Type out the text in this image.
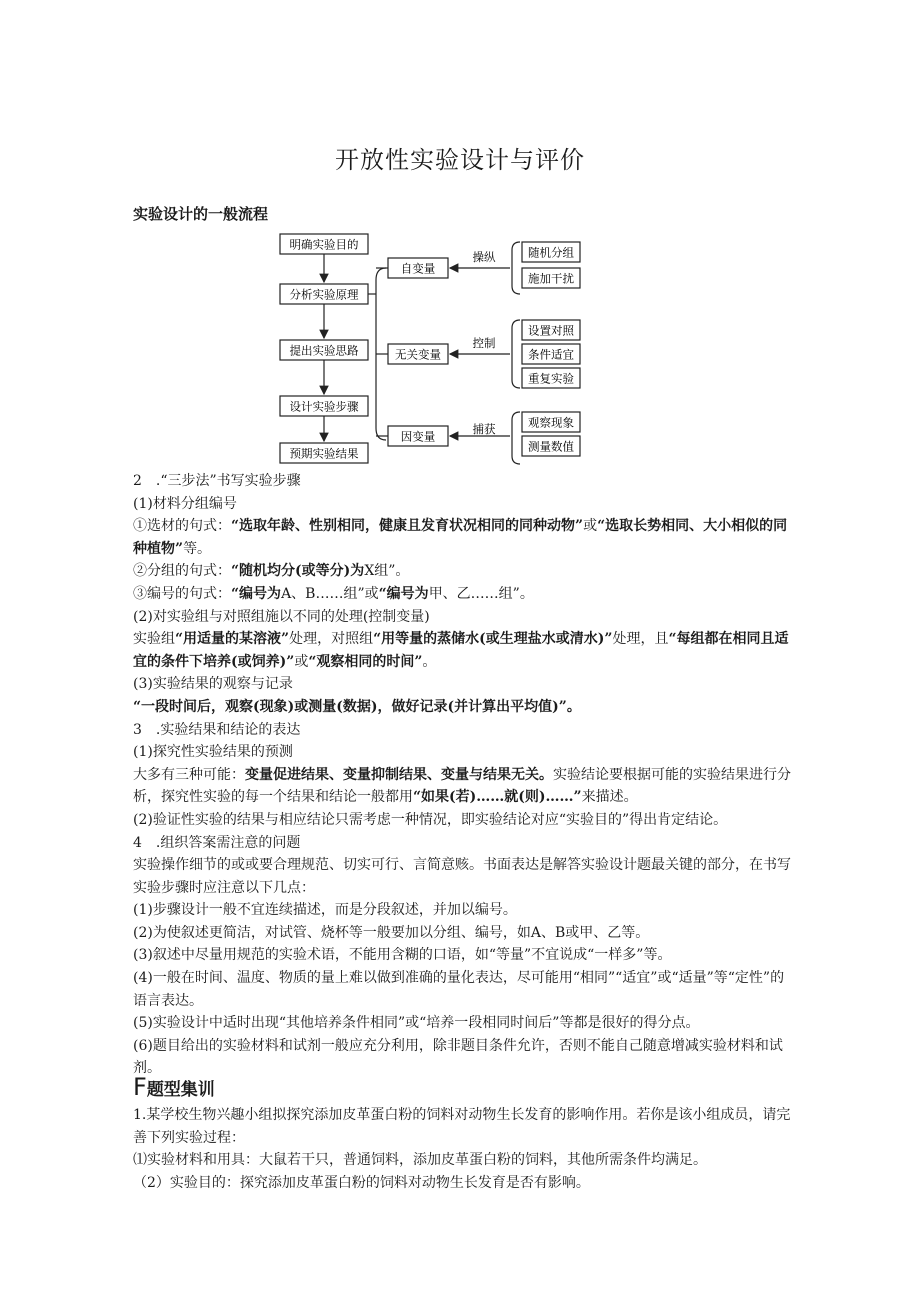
开放性实验设计与评价
实验设计的一般流程
明确实验目的
分析实验原理
提出实验思路
设计实验步骤
预期实验结果
自变量
无关变量
因变量
操纵
控制
捕获
随机分组
施加干扰
设置对照
条件适宜
重复实验
观察现象
测量数值

2　.“三步法”书写实验步骤

(1)材料分组编号

①选材的句式：“选取年龄、性别相同，健康且发育状况相同的同种动物”或“选取长势相同、大小相似的同种植物”等。

②分组的句式：“随机均分(或等分)为X组”。

③编号的句式：“编号为A、B……组”或“编号为甲、乙……组”。

(2)对实验组与对照组施以不同的处理(控制变量)

实验组“用适量的某溶液”处理，对照组“用等量的蒸储水(或生理盐水或清水)”处理，且“每组都在相同且适宜的条件下培养(或饲养)”或“观察相同的时间”。

(3)实验结果的观察与记录

“一段时间后，观察(现象)或测量(数据)，做好记录(并计算出平均值)”。

3　.实验结果和结论的表达

(1)探究性实验结果的预测

大多有三种可能：变量促进结果、变量抑制结果、变量与结果无关。实验结论要根据可能的实验结果进行分析，探究性实验的每一个结果和结论一般都用“如果(若)……就(则)……”来描述。

(2)验证性实验的结果与相应结论只需考虑一种情况，即实验结论对应“实验目的”得出肯定结论。

4　.组织答案需注意的问题

实验操作细节的或或要合理规范、切实可行、言简意赅。书面表达是解答实验设计题最关键的部分，在书写实验步骤时应注意以下几点：

(1)步骤设计一般不宜连续描述，而是分段叙述，并加以编号。

(2)为使叙述更简洁，对试管、烧杯等一般要加以分组、编号，如A、B或甲、乙等。

(3)叙述中尽量用规范的实验术语，不能用含糊的口语，如“等量”不宜说成“一样多”等。

(4)一般在时间、温度、物质的量上难以做到准确的量化表达，尽可能用“相同”“适宜”或“适量”等“定性”的语言表达。

(5)实验设计中适时出现“其他培养条件相同”或“培养一段相同时间后”等都是很好的得分点。

(6)题目给出的实验材料和试剂一般应充分利用，除非题目条件允许，否则不能自己随意增减实验材料和试剂。

F题型集训

1.某学校生物兴趣小组拟探究添加皮革蛋白粉的饲料对动物生长发育的影响作用。若你是该小组成员，请完善下列实验过程：

⑴实验材料和用具：大鼠若干只，普通饲料，添加皮革蛋白粉的饲料，其他所需条件均满足。

（2）实验目的：探究添加皮革蛋白粉的饲料对动物生长发育是否有影响。
